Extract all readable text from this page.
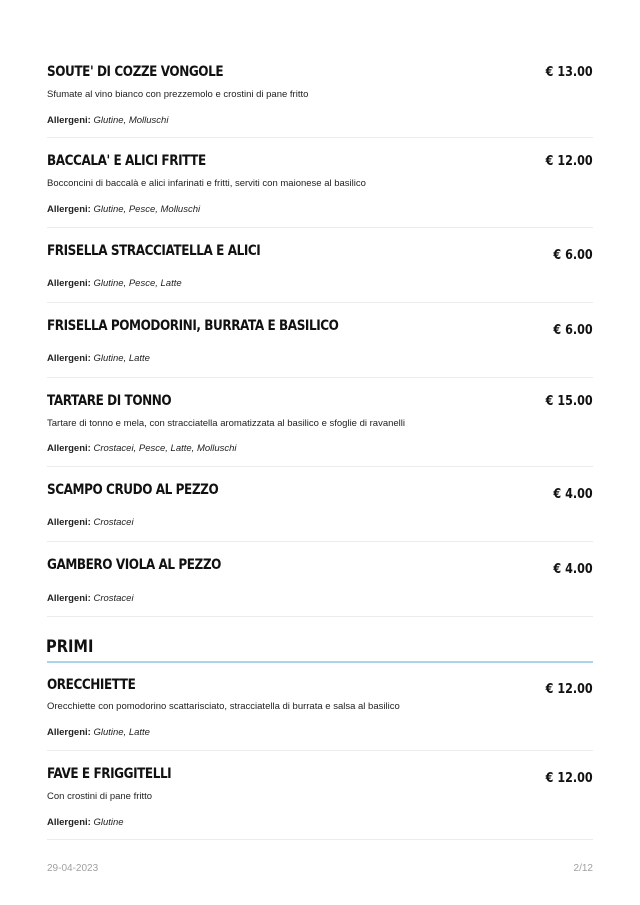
SOUTE' DI COZZE VONGOLE	€ 13.00
Sfumate al vino bianco con prezzemolo e crostini di pane fritto
Allergeni: Glutine, Molluschi
BACCALA' E ALICI FRITTE	€ 12.00
Bocconcini di baccalà e alici infarinati e fritti, serviti con maionese al basilico
Allergeni: Glutine, Pesce, Molluschi
FRISELLA STRACCIATELLA E ALICI	€ 6.00
Allergeni: Glutine, Pesce, Latte
FRISELLA POMODORINI, BURRATA E BASILICO	€ 6.00
Allergeni: Glutine, Latte
TARTARE DI TONNO	€ 15.00
Tartare di tonno e mela, con stracciatella aromatizzata al basilico e sfoglie di ravanelli
Allergeni: Crostacei, Pesce, Latte, Molluschi
SCAMPO CRUDO AL PEZZO	€ 4.00
Allergeni: Crostacei
GAMBERO VIOLA AL PEZZO	€ 4.00
Allergeni: Crostacei
PRIMI
ORECCHIETTE	€ 12.00
Orecchiette con pomodorino scattarisciato, stracciatella di burrata e salsa al basilico
Allergeni: Glutine, Latte
FAVE E FRIGGITELLI	€ 12.00
Con crostini di pane fritto
Allergeni: Glutine
29-04-2023	2/12
